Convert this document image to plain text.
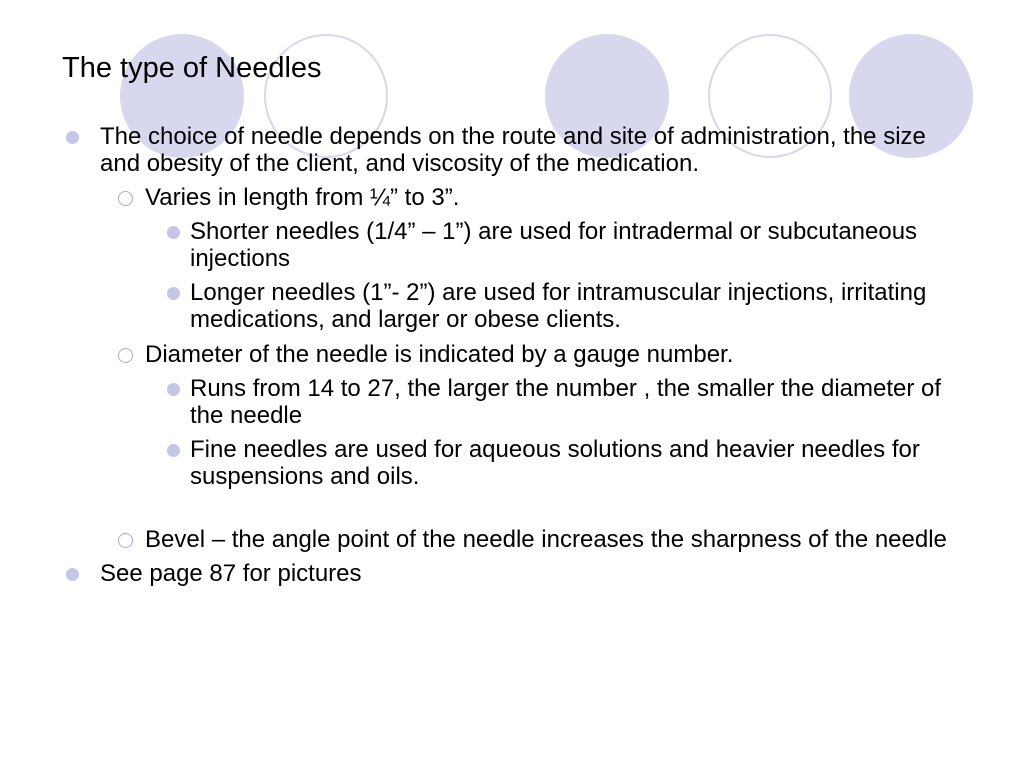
The type of Needles
The choice of needle depends on the route and site of administration, the size and obesity of the client, and viscosity of the medication.
Varies in length from ¼” to 3”.
Shorter needles (1/4” – 1”) are used for intradermal or subcutaneous injections
Longer needles (1”- 2”) are used for intramuscular injections, irritating medications, and larger or obese clients.
Diameter of the needle is indicated by a gauge number.
Runs from 14 to 27, the larger the number , the smaller the diameter of the needle
Fine needles are used for aqueous solutions and heavier needles for suspensions and oils.
Bevel – the angle point of the needle increases the sharpness of the needle
See page 87 for pictures
